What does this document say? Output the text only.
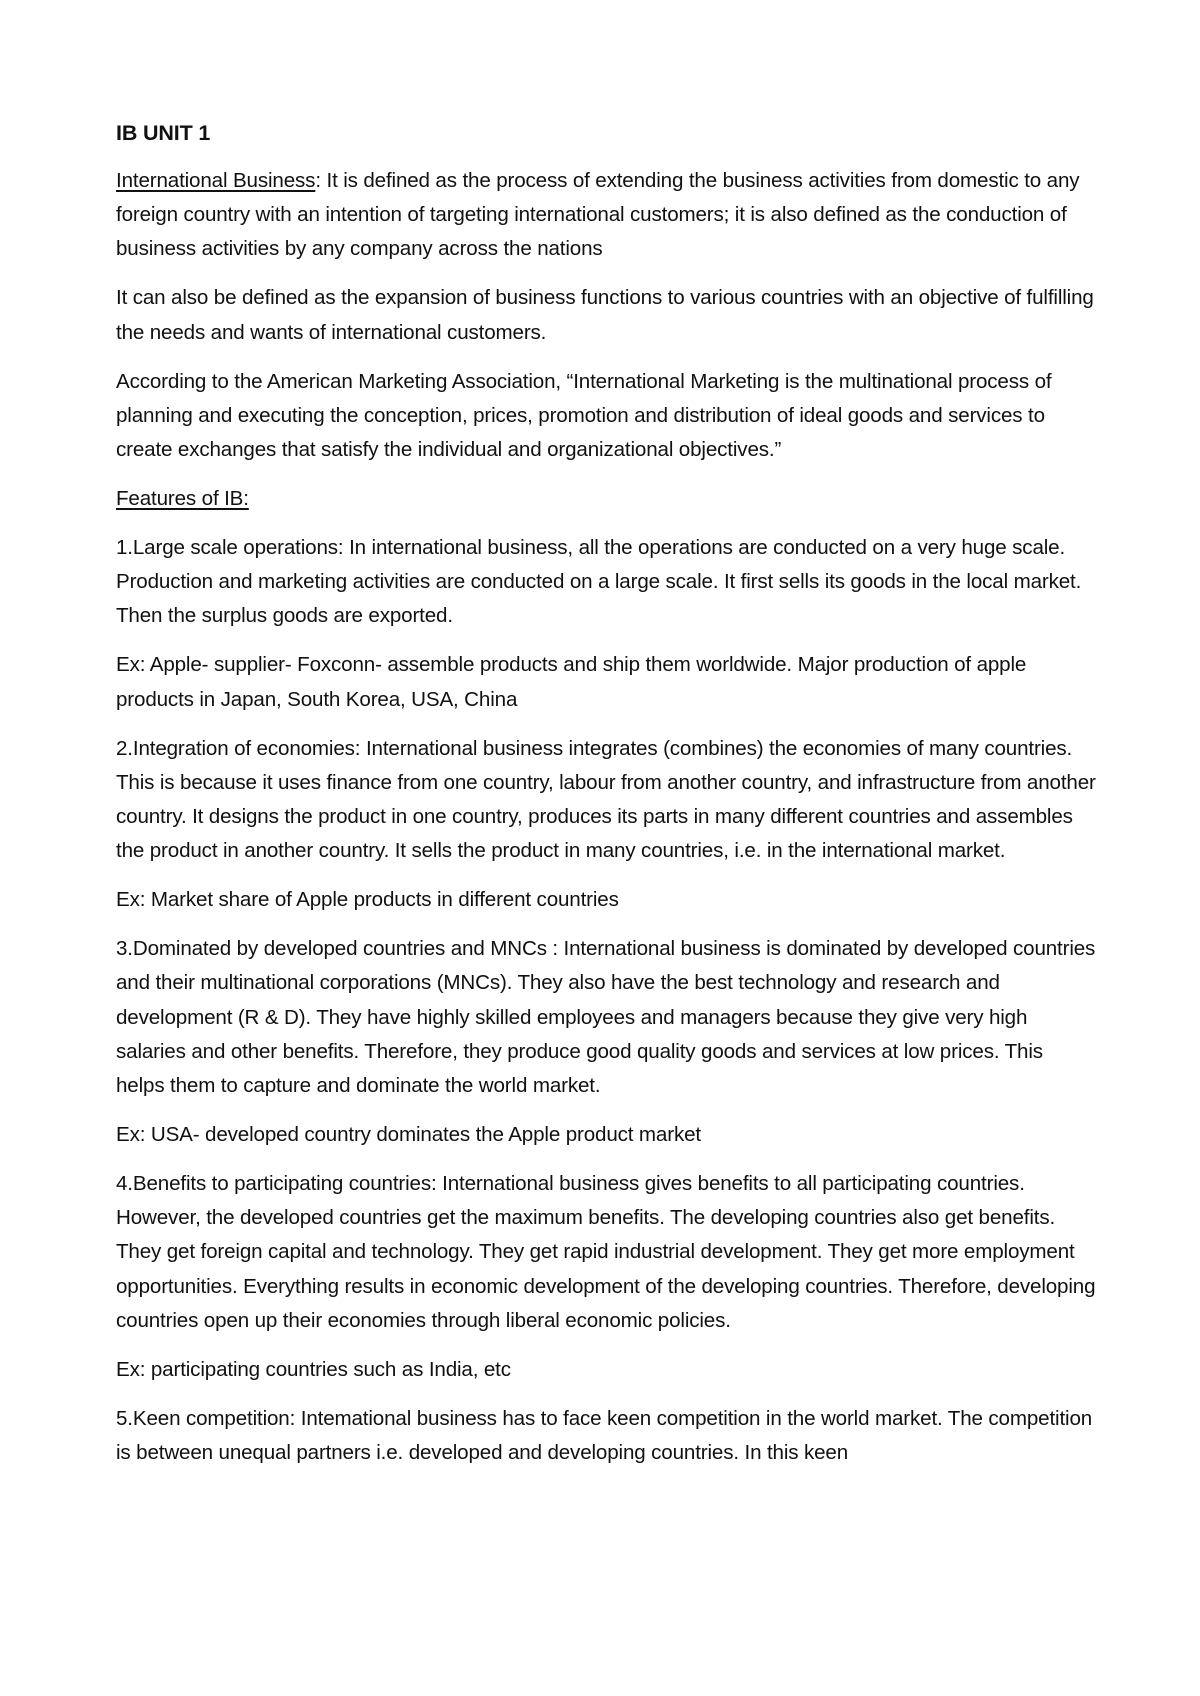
IB UNIT 1

International Business: It is defined as the process of extending the business activities from domestic to any foreign country with an intention of targeting international customers; it is also defined as the conduction of business activities by any company across the nations

It can also be defined as the expansion of business functions to various countries with an objective of fulfilling the needs and wants of international customers.

According to the American Marketing Association, “International Marketing is the multinational process of planning and executing the conception, prices, promotion and distribution of ideal goods and services to create exchanges that satisfy the individual and organizational objectives.”

Features of IB:

1.Large scale operations: In international business, all the operations are conducted on a very huge scale. Production and marketing activities are conducted on a large scale. It first sells its goods in the local market. Then the surplus goods are exported.

Ex: Apple- supplier- Foxconn- assemble products and ship them worldwide. Major production of apple products in Japan, South Korea, USA, China

2.Integration of economies: International business integrates (combines) the economies of many countries. This is because it uses finance from one country, labour from another country, and infrastructure from another country. It designs the product in one country, produces its parts in many different countries and assembles the product in another country. It sells the product in many countries, i.e. in the international market.

Ex: Market share of Apple products in different countries

3.Dominated by developed countries and MNCs : International business is dominated by developed countries and their multinational corporations (MNCs). They also have the best technology and research and development (R & D). They have highly skilled employees and managers because they give very high salaries and other benefits. Therefore, they produce good quality goods and services at low prices. This helps them to capture and dominate the world market.

Ex: USA- developed country dominates the Apple product market

4.Benefits to participating countries: International business gives benefits to all participating countries. However, the developed countries get the maximum benefits. The developing countries also get benefits. They get foreign capital and technology. They get rapid industrial development. They get more employment opportunities. Everything results in economic development of the developing countries. Therefore, developing countries open up their economies through liberal economic policies.

Ex: participating countries such as India, etc

5.Keen competition: Intemational business has to face keen competition in the world market. The competition is between unequal partners i.e. developed and developing countries. In this keen
